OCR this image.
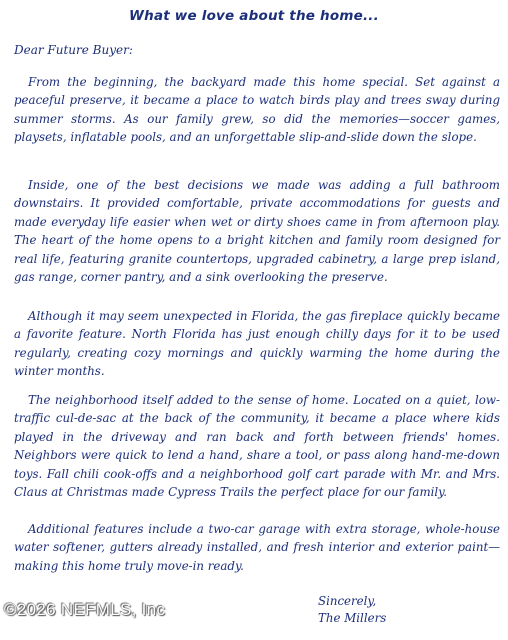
What we love about the home...
Dear Future Buyer:

From the beginning, the backyard made this home special. Set against a peaceful preserve, it became a place to watch birds play and trees sway during summer storms. As our family grew, so did the memories—soccer games, playsets, inflatable pools, and an unforgettable slip-and-slide down the slope.

Inside, one of the best decisions we made was adding a full bathroom downstairs. It provided comfortable, private accommodations for guests and made everyday life easier when wet or dirty shoes came in from afternoon play. The heart of the home opens to a bright kitchen and family room designed for real life, featuring granite countertops, upgraded cabinetry, a large prep island, gas range, corner pantry, and a sink overlooking the preserve.

Although it may seem unexpected in Florida, the gas fireplace quickly became a favorite feature. North Florida has just enough chilly days for it to be used regularly, creating cozy mornings and quickly warming the home during the winter months.

The neighborhood itself added to the sense of home. Located on a quiet, low-traffic cul-de-sac at the back of the community, it became a place where kids played in the driveway and ran back and forth between friends' homes. Neighbors were quick to lend a hand, share a tool, or pass along hand-me-down toys. Fall chili cook-offs and a neighborhood golf cart parade with Mr. and Mrs. Claus at Christmas made Cypress Trails the perfect place for our family.

Additional features include a two-car garage with extra storage, whole-house water softener, gutters already installed, and fresh interior and exterior paint—making this home truly move-in ready.

Sincerely,
The Millers
©2026 NEFMLS, Inc
